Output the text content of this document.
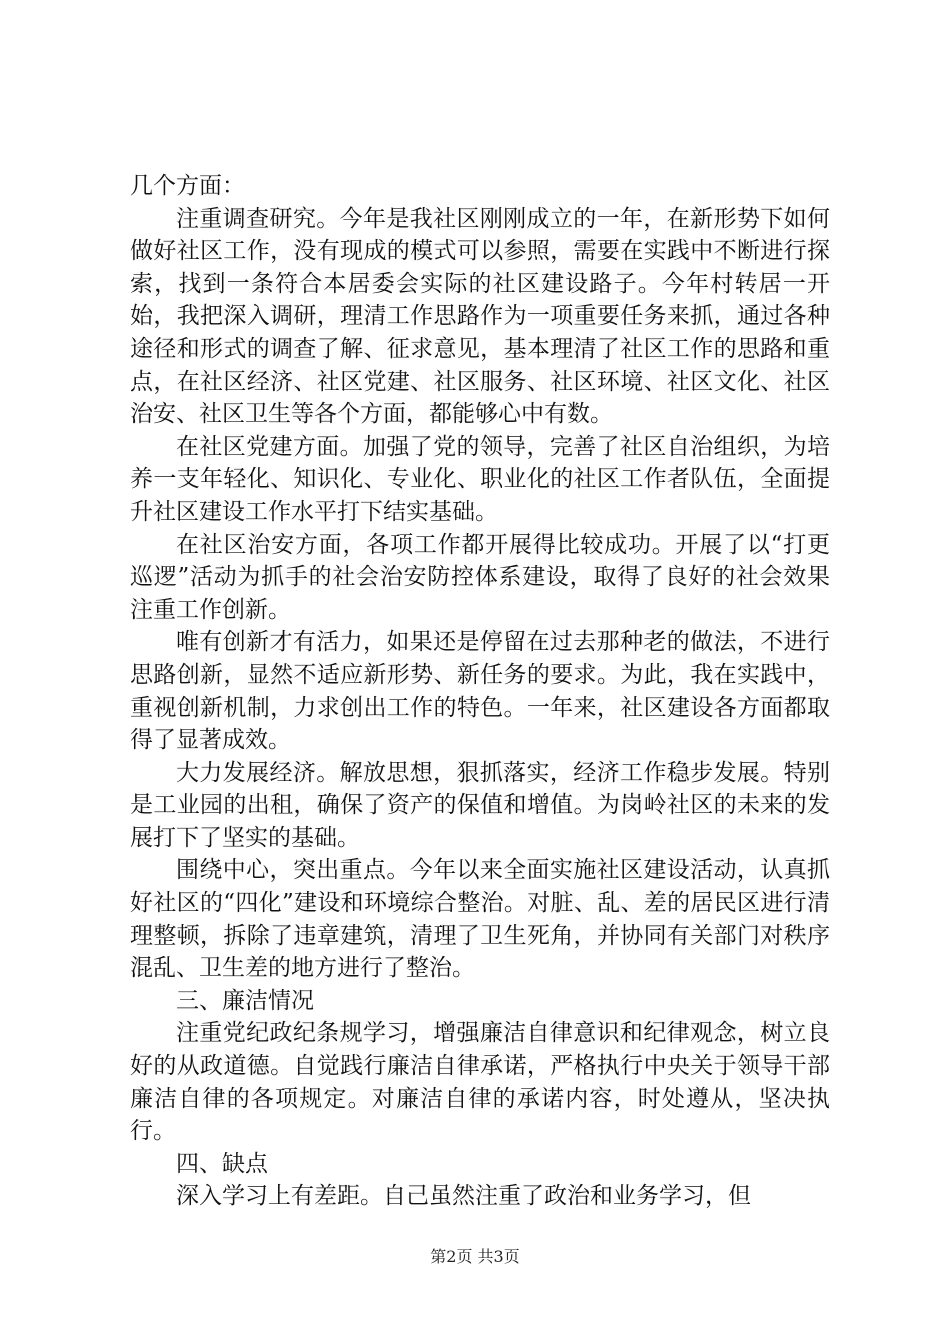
几个方面：

注重调查研究。今年是我社区刚刚成立的一年，在新形势下如何做好社区工作，没有现成的模式可以参照，需要在实践中不断进行探索，找到一条符合本居委会实际的社区建设路子。今年村转居一开始，我把深入调研，理清工作思路作为一项重要任务来抓，通过各种途径和形式的调查了解、征求意见，基本理清了社区工作的思路和重点，在社区经济、社区党建、社区服务、社区环境、社区文化、社区治安、社区卫生等各个方面，都能够心中有数。

在社区党建方面。加强了党的领导，完善了社区自治组织，为培养一支年轻化、知识化、专业化、职业化的社区工作者队伍，全面提升社区建设工作水平打下结实基础。

在社区治安方面，各项工作都开展得比较成功。开展了以“打更巡逻”活动为抓手的社会治安防控体系建设，取得了良好的社会效果注重工作创新。

唯有创新才有活力，如果还是停留在过去那种老的做法，不进行思路创新，显然不适应新形势、新任务的要求。为此，我在实践中，重视创新机制，力求创出工作的特色。一年来，社区建设各方面都取得了显著成效。

大力发展经济。解放思想，狠抓落实，经济工作稳步发展。特别是工业园的出租，确保了资产的保值和增值。为岗岭社区的未来的发展打下了坚实的基础。

围绕中心，突出重点。今年以来全面实施社区建设活动，认真抓好社区的“四化”建设和环境综合整治。对脏、乱、差的居民区进行清理整顿，拆除了违章建筑，清理了卫生死角，并协同有关部门对秩序混乱、卫生差的地方进行了整治。

三、廉洁情况

注重党纪政纪条规学习，增强廉洁自律意识和纪律观念，树立良好的从政道德。自觉践行廉洁自律承诺，严格执行中央关于领导干部廉洁自律的各项规定。对廉洁自律的承诺内容，时处遵从，坚决执行。

四、缺点

深入学习上有差距。自己虽然注重了政治和业务学习，但

第2页 共3页
